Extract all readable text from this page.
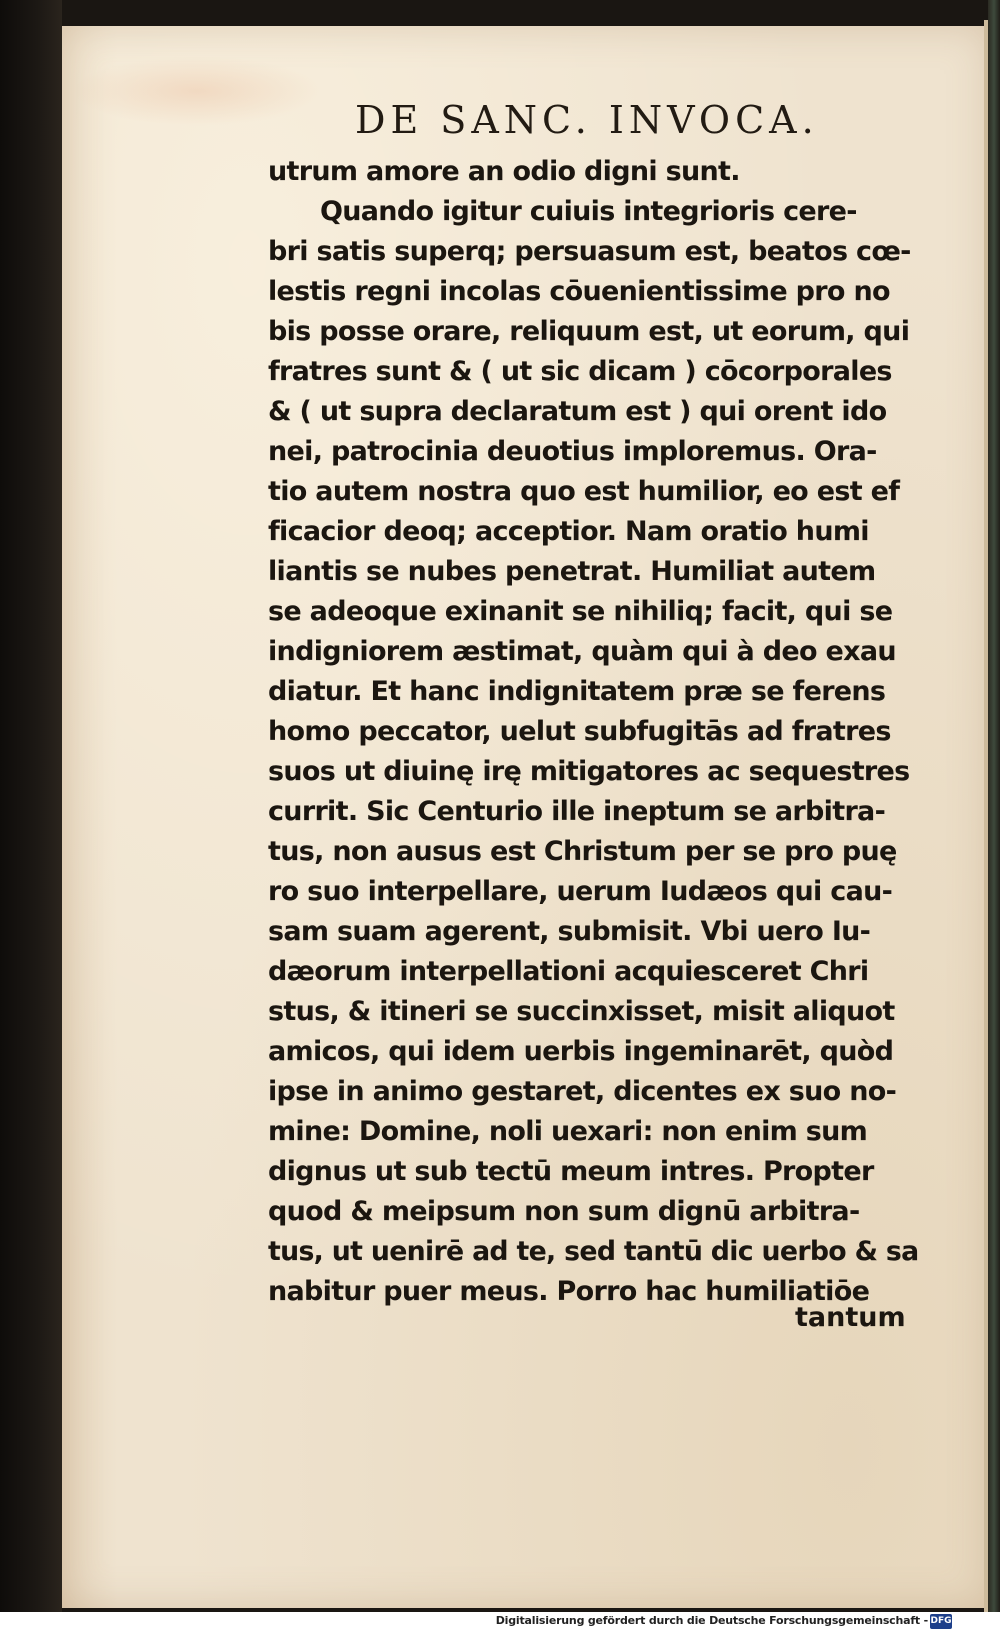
DE SANC. INVOCA.
utrum amore an odio digni sunt.
Quando igitur cuiuis integrioris cere-
bri satis superq; persuasum est, beatos cœ-
lestis regni incolas cōuenientissime pro no
bis posse orare, reliquum est, ut eorum, qui
fratres sunt & ( ut sic dicam ) cōcorporales
& ( ut supra declaratum est ) qui orent ido
nei, patrocinia deuotius imploremus. Ora-
tio autem nostra quo est humilior, eo est ef
ficacior deoq; acceptior. Nam oratio humi
liantis se nubes penetrat. Humiliat autem
se adeoque exinanit se nihiliq; facit, qui se
indigniorem æstimat, quàm qui à deo exau
diatur. Et hanc indignitatem præ se ferens
homo peccator, uelut subfugitās ad fratres
suos ut diuinę irę mitigatores ac sequestres
currit. Sic Centurio ille ineptum se arbitra-
tus, non ausus est Christum per se pro puę
ro suo interpellare, uerum Iudæos qui cau-
sam suam agerent, submisit. Vbi uero Iu-
dæorum interpellationi acquiesceret Chri
stus, & itineri se succinxisset, misit aliquot
amicos, qui idem uerbis ingeminarēt, quòd
ipse in animo gestaret, dicentes ex suo no-
mine: Domine, noli uexari: non enim sum
dignus ut sub tectū meum intres. Propter
quod & meipsum non sum dignū arbitra-
tus, ut uenirē ad te, sed tantū dic uerbo & sa
nabitur puer meus. Porro hac humiliatiōe
tantum
Digitalisierung gefördert durch die Deutsche Forschungsgemeinschaft - DFG
